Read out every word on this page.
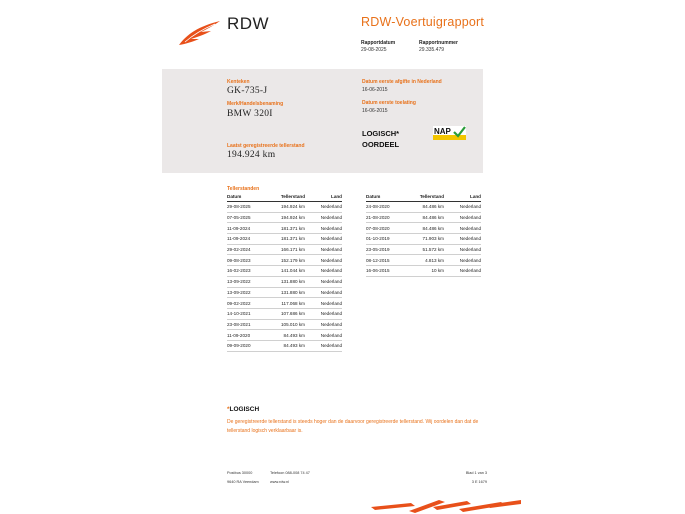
RDW	RDW-Voertuigrapport
Rapportdatum
29-08-2025
Rapportnummer
29.335.479
Kenteken
GK-735-J
Merk/Handelsbenaming
BMW 320I
Laatst geregistreerde tellerstand
194.924 km
Datum eerste afgifte in Nederland
16-06-2015
Datum eerste toelating
16-06-2015
LOGISCH*
OORDEEL
NAP
Tellerstanden
Datum	Tellerstand	Land
29-08-2025	194.924 km	Nederland
07-05-2025	194.924 km	Nederland
11-09-2024	181.371 km	Nederland
11-09-2024	181.371 km	Nederland
29-02-2024	166.171 km	Nederland
09-08-2023	152.179 km	Nederland
16-02-2023	141.044 km	Nederland
13-09-2022	131.880 km	Nederland
13-09-2022	131.880 km	Nederland
09-02-2022	117.068 km	Nederland
14-10-2021	107.686 km	Nederland
23-08-2021	105.010 km	Nederland
11-09-2020	84.493 km	Nederland
09-09-2020	84.493 km	Nederland
Datum	Tellerstand	Land
24-08-2020	84.486 km	Nederland
21-08-2020	84.486 km	Nederland
07-08-2020	84.486 km	Nederland
01-10-2019	71.903 km	Nederland
23-05-2019	51.572 km	Nederland
08-12-2015	4.813 km	Nederland
16-06-2015	10 km	Nederland
*LOGISCH
De geregistreerde tellerstand is steeds hoger dan de daarvoor geregistreerde tellerstand. Wij oordelen dan dat de tellerstand logisch verklaarbaar is.
Postbus 30000
9640 RA Veendam
Telefoon 088-008 74 47
www.rdw.nl
Blad 1 van 3
3 E 1679
